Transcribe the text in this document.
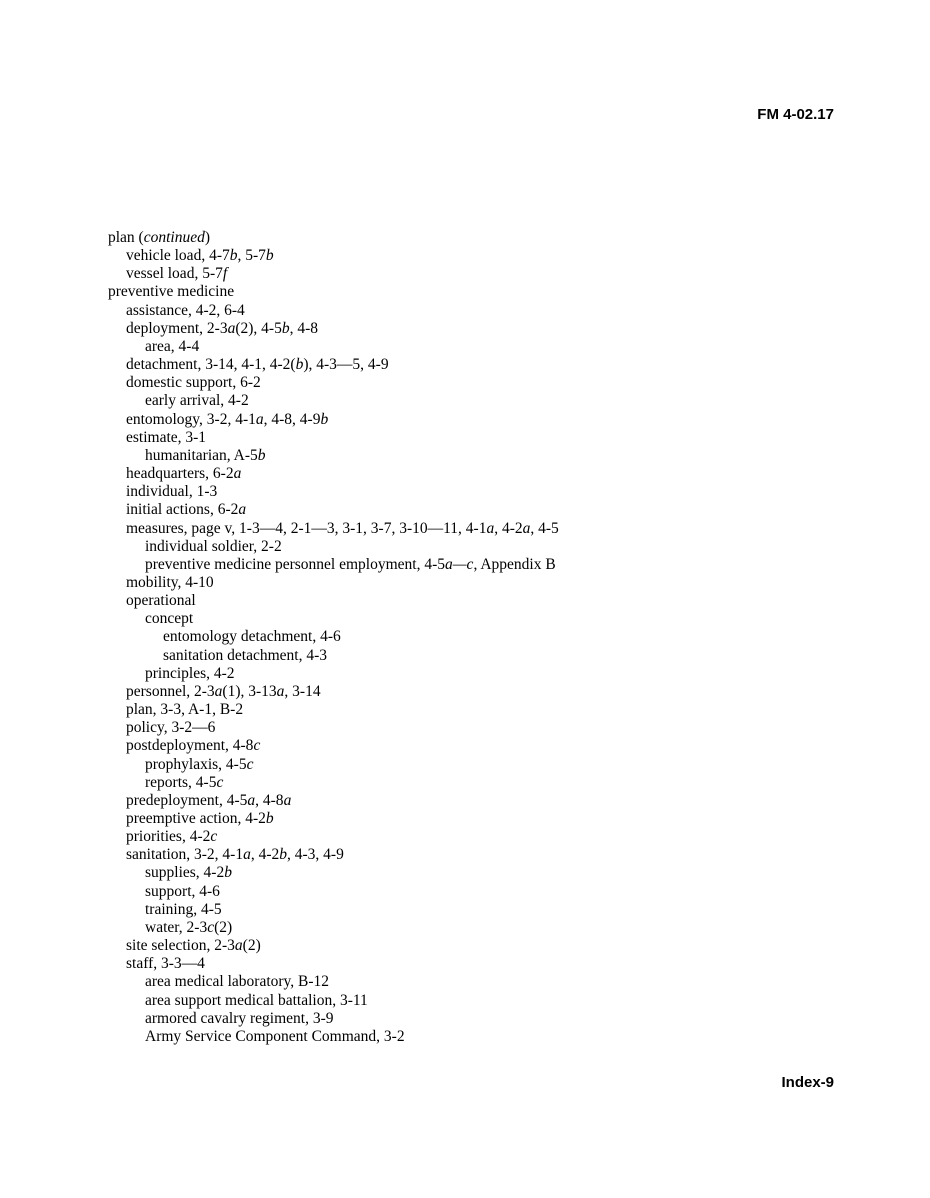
FM 4-02.17

plan (continued)
vehicle load, 4-7b, 5-7b
vessel load, 5-7f
preventive medicine
assistance, 4-2, 6-4
deployment, 2-3a(2), 4-5b, 4-8
area, 4-4
detachment, 3-14, 4-1, 4-2(b), 4-3—5, 4-9
domestic support, 6-2
early arrival, 4-2
entomology, 3-2, 4-1a, 4-8, 4-9b
estimate, 3-1
humanitarian, A-5b
headquarters, 6-2a
individual, 1-3
initial actions, 6-2a
measures, page v, 1-3—4, 2-1—3, 3-1, 3-7, 3-10—11, 4-1a, 4-2a, 4-5
individual soldier, 2-2
preventive medicine personnel employment, 4-5a—c, Appendix B
mobility, 4-10
operational
concept
entomology detachment, 4-6
sanitation detachment, 4-3
principles, 4-2
personnel, 2-3a(1), 3-13a, 3-14
plan, 3-3, A-1, B-2
policy, 3-2—6
postdeployment, 4-8c
prophylaxis, 4-5c
reports, 4-5c
predeployment, 4-5a, 4-8a
preemptive action, 4-2b
priorities, 4-2c
sanitation, 3-2, 4-1a, 4-2b, 4-3, 4-9
supplies, 4-2b
support, 4-6
training, 4-5
water, 2-3c(2)
site selection, 2-3a(2)
staff, 3-3—4
area medical laboratory, B-12
area support medical battalion, 3-11
armored cavalry regiment, 3-9
Army Service Component Command, 3-2

Index-9
